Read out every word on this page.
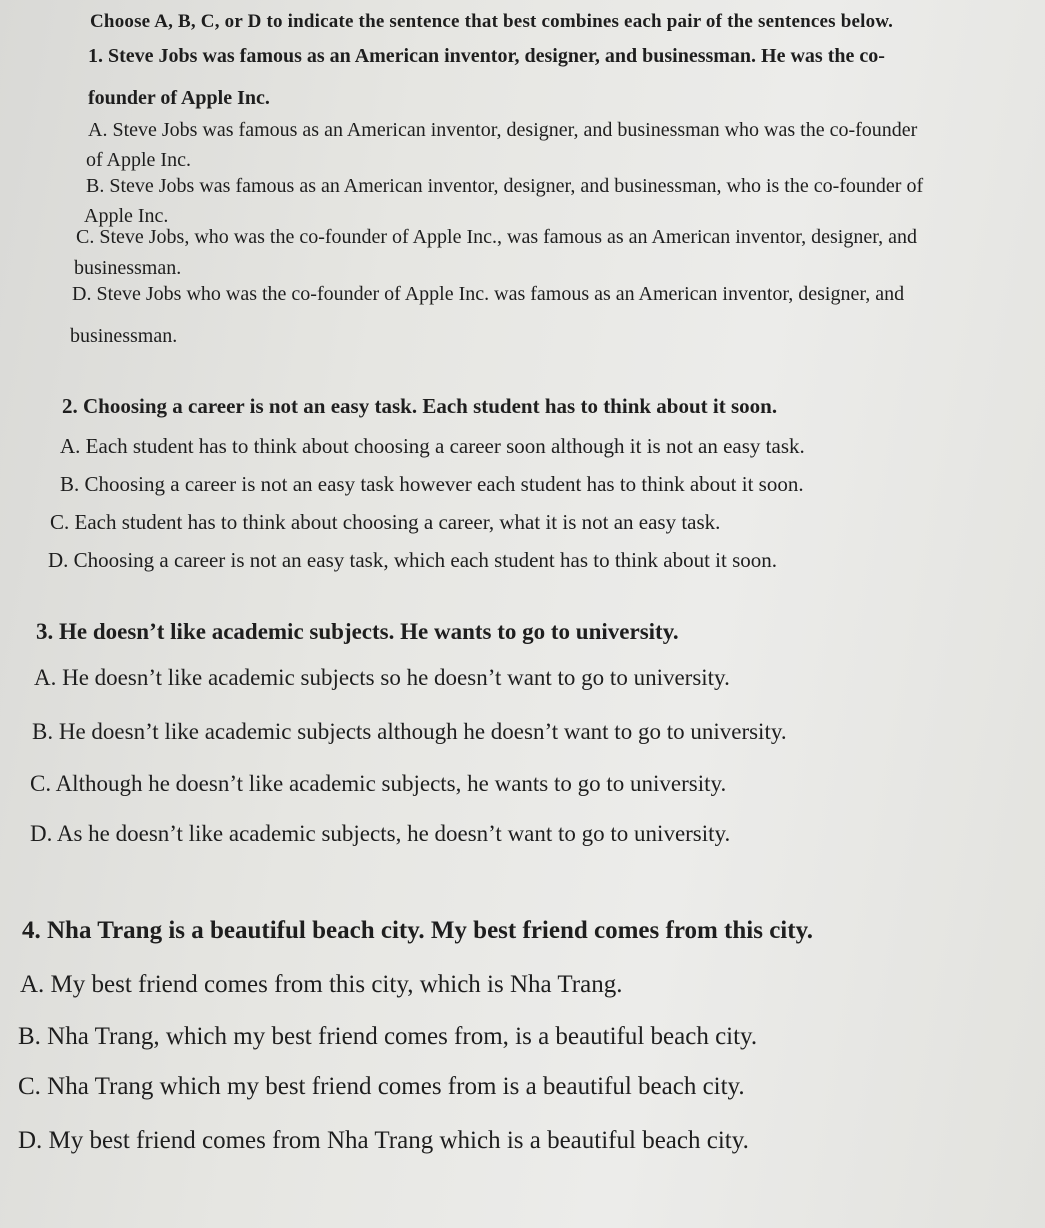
Choose A, B, C, or D to indicate the sentence that best combines each pair of the sentences below.

1. Steve Jobs was famous as an American inventor, designer, and businessman. He was the co-

founder of Apple Inc.

A. Steve Jobs was famous as an American inventor, designer, and businessman who was the co-founder

of Apple Inc.

B. Steve Jobs was famous as an American inventor, designer, and businessman, who is the co-founder of

Apple Inc.

C. Steve Jobs, who was the co-founder of Apple Inc., was famous as an American inventor, designer, and

businessman.

D. Steve Jobs who was the co-founder of Apple Inc. was famous as an American inventor, designer, and

businessman.

2. Choosing a career is not an easy task. Each student has to think about it soon.

A. Each student has to think about choosing a career soon although it is not an easy task.

B. Choosing a career is not an easy task however each student has to think about it soon.

C. Each student has to think about choosing a career, what it is not an easy task.

D. Choosing a career is not an easy task, which each student has to think about it soon.

3. He doesn’t like academic subjects. He wants to go to university.

A. He doesn’t like academic subjects so he doesn’t want to go to university.

B. He doesn’t like academic subjects although he doesn’t want to go to university.

C. Although he doesn’t like academic subjects, he wants to go to university.

D. As he doesn’t like academic subjects, he doesn’t want to go to university.

4. Nha Trang is a beautiful beach city. My best friend comes from this city.

A. My best friend comes from this city, which is Nha Trang.

B. Nha Trang, which my best friend comes from, is a beautiful beach city.

C. Nha Trang which my best friend comes from is a beautiful beach city.

D. My best friend comes from Nha Trang which is a beautiful beach city.
